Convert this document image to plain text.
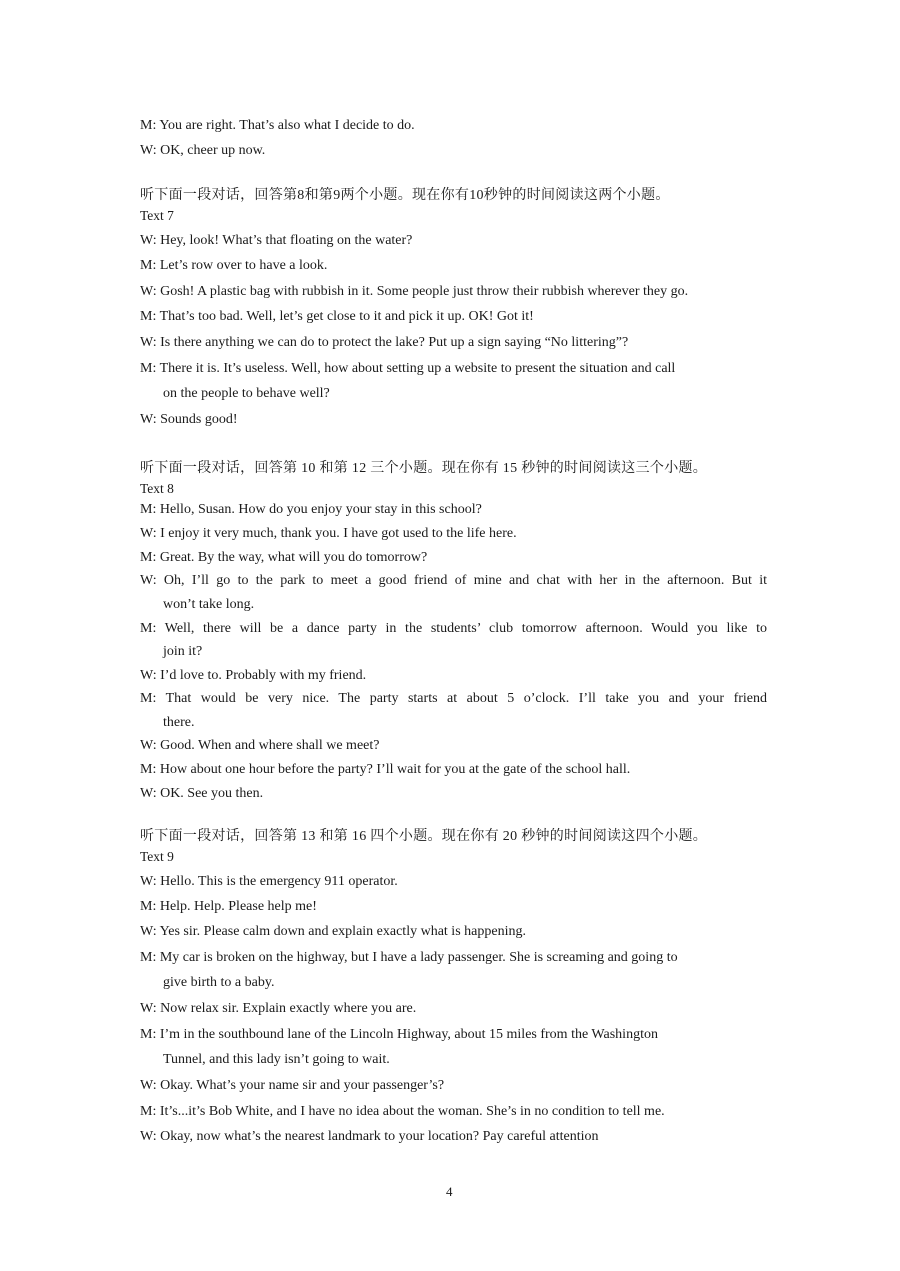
M: You are right. That’s also what I decide to do.
W: OK, cheer up now.
听下面一段对话，回答第8和第9两个小题。现在你有10秒钟的时间阅读这两个小题。
Text 7
W: Hey, look! What’s that floating on the water?
M: Let’s row over to have a look.
W: Gosh! A plastic bag with rubbish in it. Some people just throw their rubbish wherever they go.
M: That’s too bad. Well, let’s get close to it and pick it up. OK! Got it!
W: Is there anything we can do to protect the lake? Put up a sign saying “No littering”?
M: There it is. It’s useless. Well, how about setting up a website to present the situation and call
on the people to behave well?
W: Sounds good!
听下面一段对话，回答第 10 和第 12 三个小题。现在你有 15 秒钟的时间阅读这三个小题。
Text 8
M: Hello, Susan. How do you enjoy your stay in this school?
W: I enjoy it very much, thank you. I have got used to the life here.
M: Great. By the way, what will you do tomorrow?
W: Oh, I’ll go to the park to meet a good friend of mine and chat with her in the afternoon. But it
won’t take long.
M: Well, there will be a dance party in the students’ club tomorrow afternoon. Would you like to
join it?
W: I’d love to. Probably with my friend.
M: That would be very nice. The party starts at about 5 o’clock. I’ll take you and your friend
there.
W: Good. When and where shall we meet?
M: How about one hour before the party? I’ll wait for you at the gate of the school hall.
W: OK. See you then.
听下面一段对话，回答第 13 和第 16 四个小题。现在你有 20 秒钟的时间阅读这四个小题。
Text 9
W: Hello. This is the emergency 911 operator.
M: Help. Help. Please help me!
W: Yes sir. Please calm down and explain exactly what is happening.
M: My car is broken on the highway, but I have a lady passenger. She is screaming and going to
give birth to a baby.
W: Now relax sir. Explain exactly where you are.
M: I’m in the southbound lane of the Lincoln Highway, about 15 miles from the Washington
Tunnel, and this lady isn’t going to wait.
W: Okay. What’s your name sir and your passenger’s?
M: It’s...it’s Bob White, and I have no idea about the woman. She’s in no condition to tell me.
W: Okay, now what’s the nearest landmark to your location? Pay careful attention
4
